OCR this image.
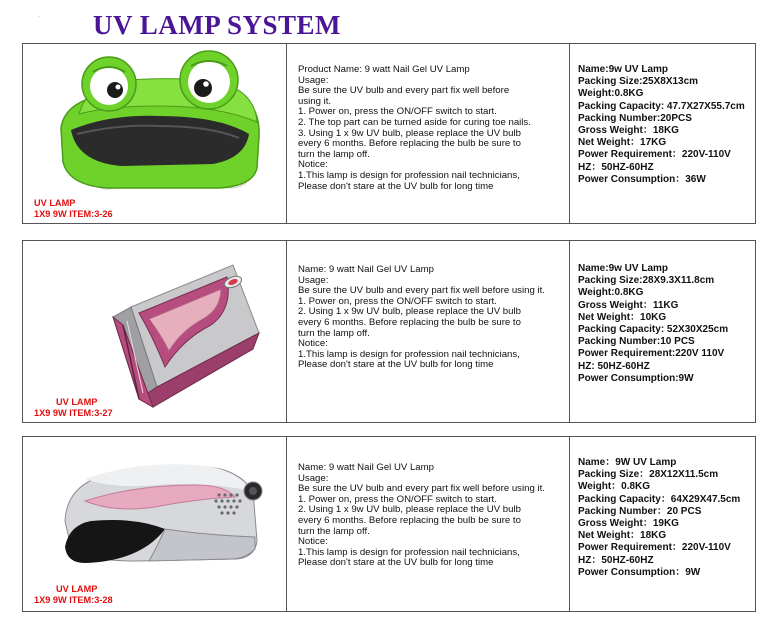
- UV LAMP SYSTEM
UV LAMP
1X9 9W ITEM:3-26
Product Name: 9 watt Nail Gel UV Lamp
Usage:
Be sure the UV bulb and every part fix well before
using it.
1. Power on, press the ON/OFF switch to start.
2. The top part can be turned aside for curing toe nails.
3. Using 1 x 9w UV bulb, please replace the UV bulb
every 6 months. Before replacing the bulb be sure to
turn the lamp off.
Notice:
1.This lamp is design for profession nail technicians,
Please don't stare at the UV bulb for long time
Name:9w UV Lamp
Packing Size:25X8X13cm
Weight:0.8KG
Packing Capacity: 47.7X27X55.7cm
Packing Number:20PCS
Gross Weight：18KG
Net Weight：17KG
Power Requirement：220V-110V
HZ：50HZ-60HZ
Power Consumption：36W
UV LAMP
1X9 9W ITEM:3-27
Name: 9 watt Nail Gel UV Lamp
Usage:
Be sure the UV bulb and every part fix well before using it.
1. Power on, press the ON/OFF switch to start.
2. Using 1 x 9w UV bulb, please replace the UV bulb
every 6 months. Before replacing the bulb be sure to
turn the lamp off.
Notice:
1.This lamp is design for profession nail technicians,
Please don't stare at the UV bulb for long time
Name:9w UV Lamp
Packing Size:28X9.3X11.8cm
Weight:0.8KG
Gross Weight：11KG
Net Weight：10KG
Packing Capacity: 52X30X25cm
Packing Number:10 PCS
Power Requirement:220V 110V
HZ: 50HZ-60HZ
Power Consumption:9W
UV LAMP
1X9 9W ITEM:3-28
Name: 9 watt Nail Gel UV Lamp
Usage:
Be sure the UV bulb and every part fix well before using it.
1. Power on, press the ON/OFF switch to start.
2. Using 1 x 9w UV bulb, please replace the UV bulb
every 6 months. Before replacing the bulb be sure to
turn the lamp off.
Notice:
1.This lamp is design for profession nail technicians,
Please don't stare at the UV bulb for long time
Name：9W UV Lamp
Packing Size：28X12X11.5cm
Weight：0.8KG
Packing Capacity：64X29X47.5cm
Packing Number：20 PCS
Gross Weight：19KG
Net Weight：18KG
Power Requirement：220V-110V
HZ：50HZ-60HZ
Power Consumption：9W
